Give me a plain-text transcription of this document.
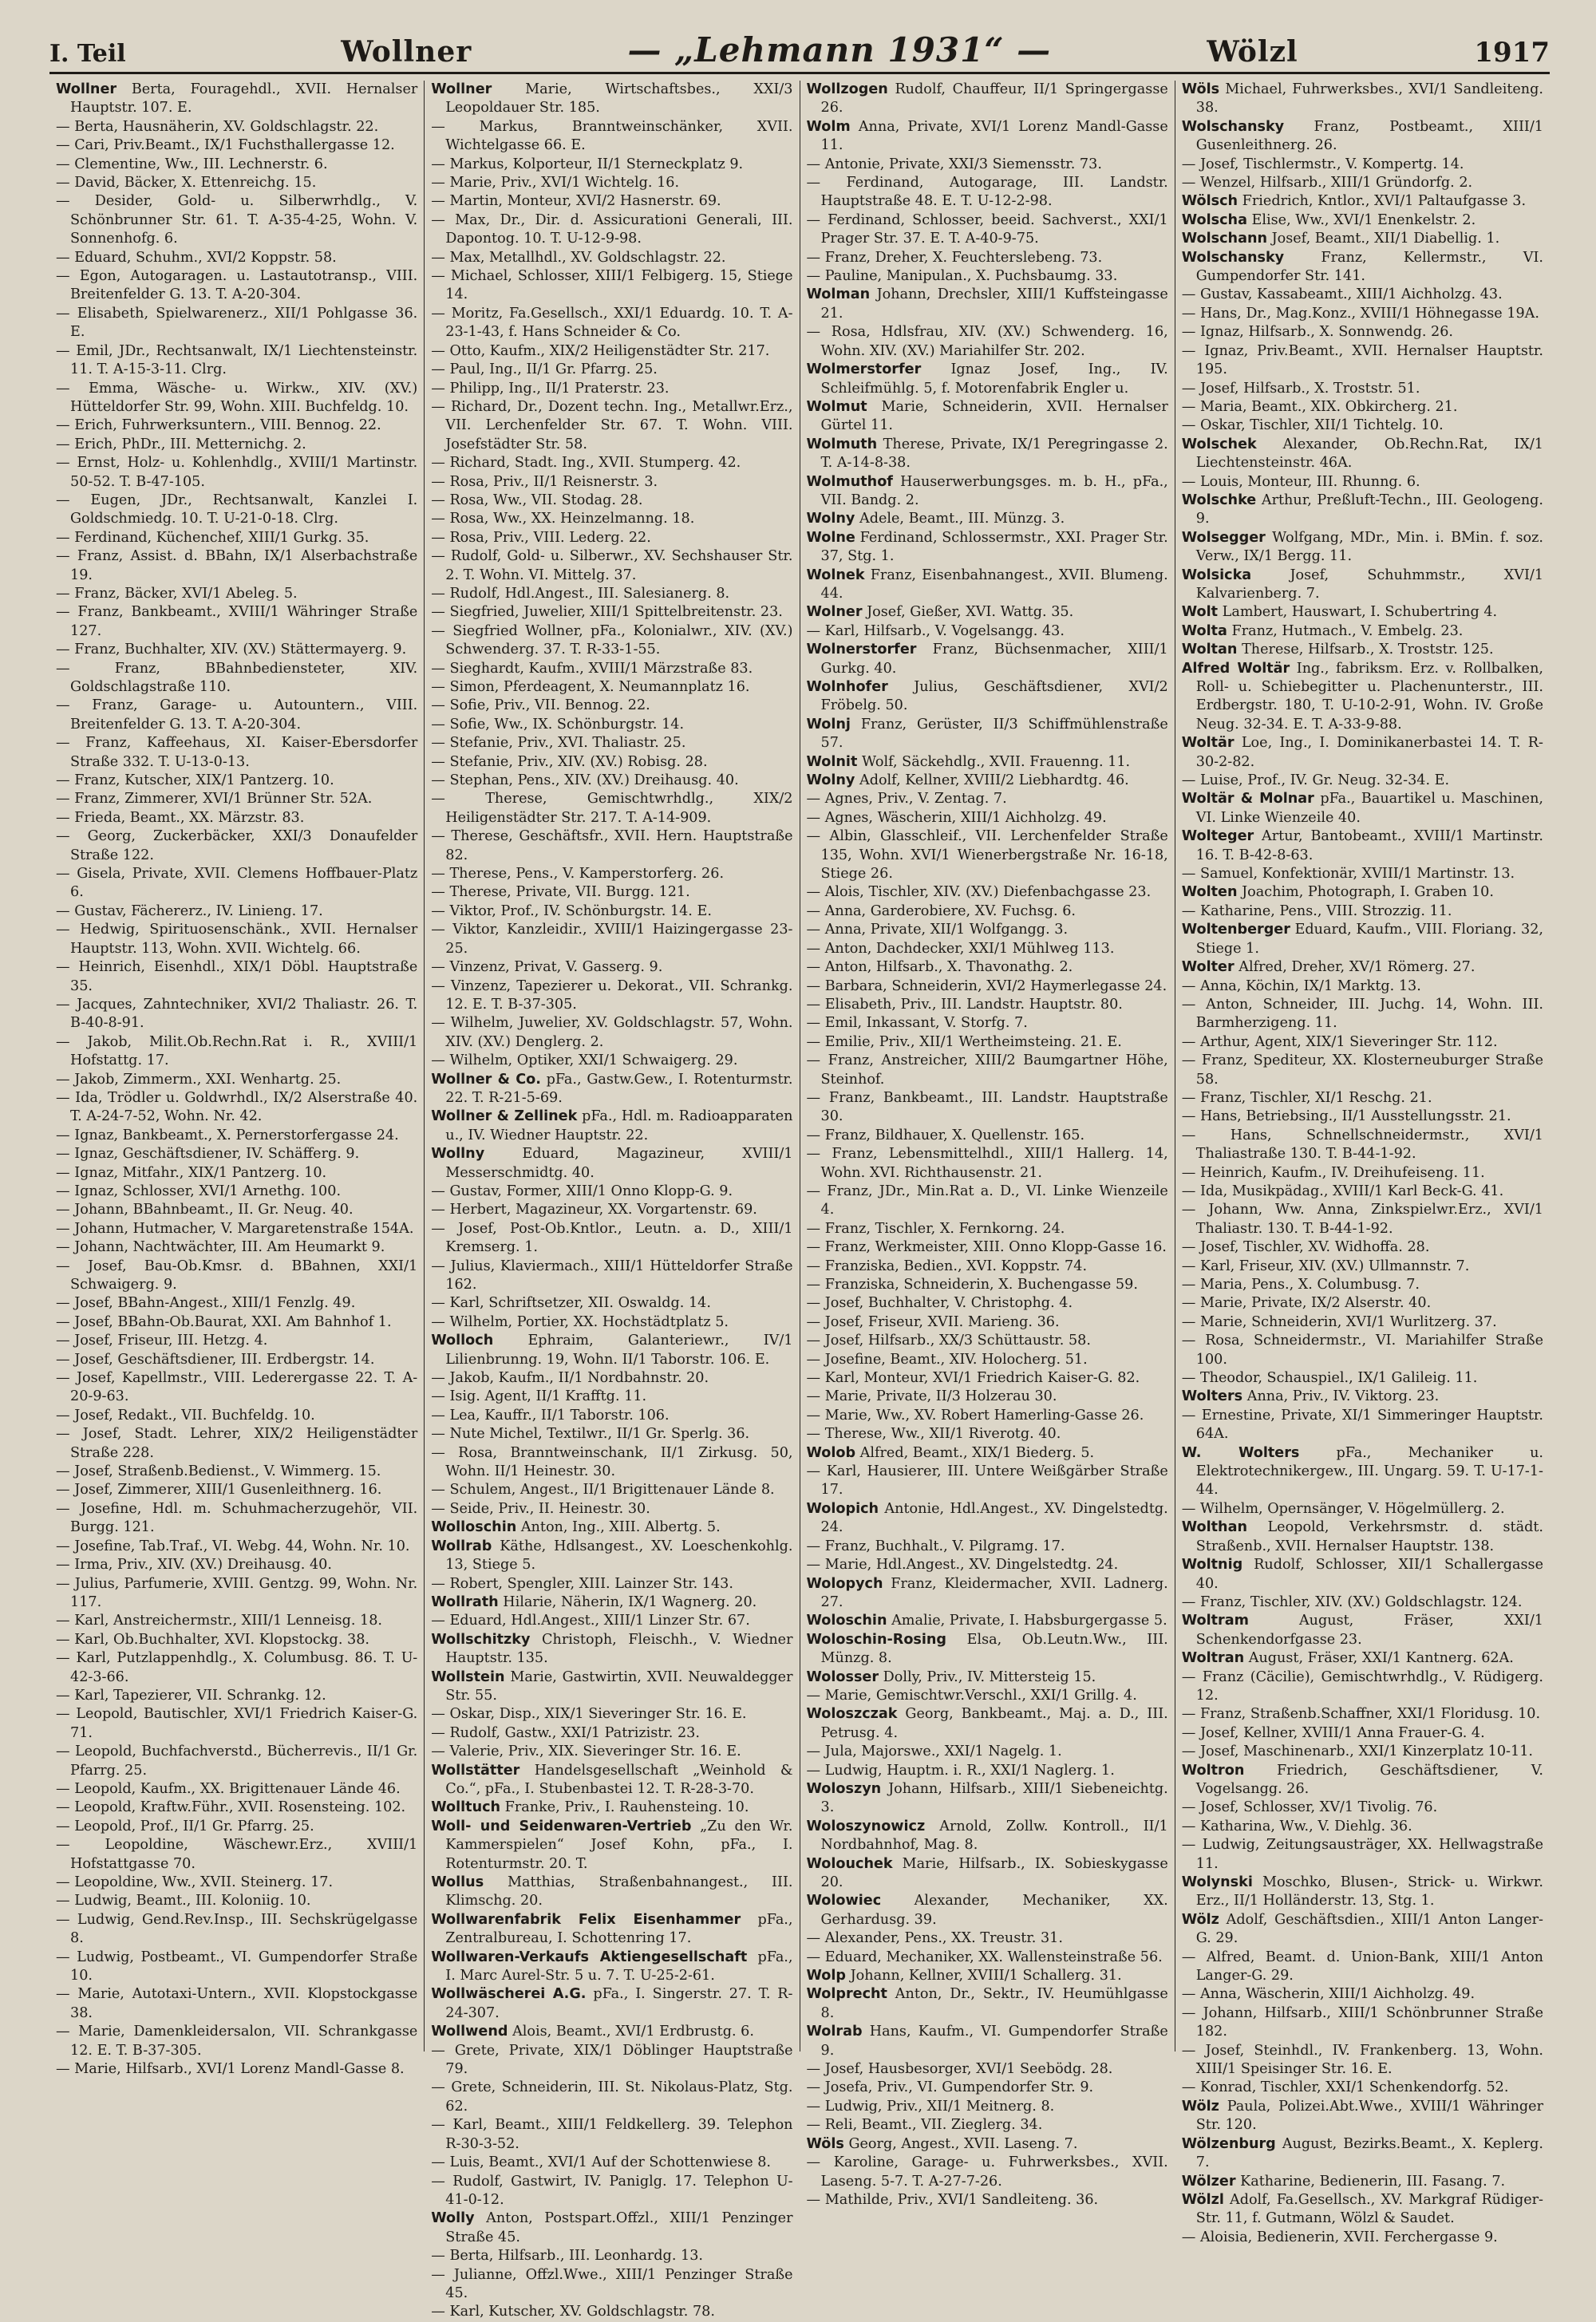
I. Teil	Wollner	— „Lehmann 1931“ —	Wölzl	1917

Wollner Berta, Fouragehdl., XVII. Hernalser Hauptstr. 107. E.

— Berta, Hausnäherin, XV. Goldschlagstr. 22.

— Cari, Priv.Beamt., IX/1 Fuchsthallergasse 12.

— Clementine, Ww., III. Lechnerstr. 6.

— David, Bäcker, X. Ettenreichg. 15.

— Desider, Gold- u. Silberwrhdlg., V. Schönbrunner Str. 61. T. A-35-4-25, Wohn. V. Sonnenhofg. 6.

— Eduard, Schuhm., XVI/2 Koppstr. 58.

— Egon, Autogaragen. u. Lastautotransp., VIII. Breitenfelder G. 13. T. A-20-304.

— Elisabeth, Spielwarenerz., XII/1 Pohlgasse 36. E.

— Emil, JDr., Rechtsanwalt, IX/1 Liechtensteinstr. 11. T. A-15-3-11. Clrg.

— Emma, Wäsche- u. Wirkw., XIV. (XV.) Hütteldorfer Str. 99, Wohn. XIII. Buchfeldg. 10.

— Erich, Fuhrwerksuntern., VIII. Bennog. 22.

— Erich, PhDr., III. Metternichg. 2.

— Ernst, Holz- u. Kohlenhdlg., XVIII/1 Martinstr. 50-52. T. B-47-105.

— Eugen, JDr., Rechtsanwalt, Kanzlei I. Goldschmiedg. 10. T. U-21-0-18. Clrg.

— Ferdinand, Küchenchef, XIII/1 Gurkg. 35.

— Franz, Assist. d. BBahn, IX/1 Alserbachstraße 19.

— Franz, Bäcker, XVI/1 Abeleg. 5.

— Franz, Bankbeamt., XVIII/1 Währinger Straße 127.

— Franz, Buchhalter, XIV. (XV.) Stättermayerg. 9.

— Franz, BBahnbediensteter, XIV. Goldschlagstraße 110.

— Franz, Garage- u. Autountern., VIII. Breitenfelder G. 13. T. A-20-304.

— Franz, Kaffeehaus, XI. Kaiser-Ebersdorfer Straße 332. T. U-13-0-13.

— Franz, Kutscher, XIX/1 Pantzerg. 10.

— Franz, Zimmerer, XVI/1 Brünner Str. 52A.

— Frieda, Beamt., XX. Märzstr. 83.

— Georg, Zuckerbäcker, XXI/3 Donaufelder Straße 122.

— Gisela, Private, XVII. Clemens Hoffbauer-Platz 6.

— Gustav, Fächererz., IV. Linieng. 17.

— Hedwig, Spirituosenschänk., XVII. Hernalser Hauptstr. 113, Wohn. XVII. Wichtelg. 66.

— Heinrich, Eisenhdl., XIX/1 Döbl. Hauptstraße 35.

— Jacques, Zahntechniker, XVI/2 Thaliastr. 26. T. B-40-8-91.

— Jakob, Milit.Ob.Rechn.Rat i. R., XVIII/1 Hofstattg. 17.

— Jakob, Zimmerm., XXI. Wenhartg. 25.

— Ida, Trödler u. Goldwrhdl., IX/2 Alserstraße 40. T. A-24-7-52, Wohn. Nr. 42.

— Ignaz, Bankbeamt., X. Pernerstorfergasse 24.

— Ignaz, Geschäftsdiener, IV. Schäfferg. 9.

— Ignaz, Mitfahr., XIX/1 Pantzerg. 10.

— Ignaz, Schlosser, XVI/1 Arnethg. 100.

— Johann, BBahnbeamt., II. Gr. Neug. 40.

— Johann, Hutmacher, V. Margaretenstraße 154A.

— Johann, Nachtwächter, III. Am Heumarkt 9.

— Josef, Bau-Ob.Kmsr. d. BBahnen, XXI/1 Schwaigerg. 9.

— Josef, BBahn-Angest., XIII/1 Fenzlg. 49.

— Josef, BBahn-Ob.Baurat, XXI. Am Bahnhof 1.

— Josef, Friseur, III. Hetzg. 4.

— Josef, Geschäftsdiener, III. Erdbergstr. 14.

— Josef, Kapellmstr., VIII. Lederergasse 22. T. A-20-9-63.

— Josef, Redakt., VII. Buchfeldg. 10.

— Josef, Stadt. Lehrer, XIX/2 Heiligenstädter Straße 228.

— Josef, Straßenb.Bedienst., V. Wimmerg. 15.

— Josef, Zimmerer, XIII/1 Gusenleithnerg. 16.

— Josefine, Hdl. m. Schuhmacherzugehör, VII. Burgg. 121.

— Josefine, Tab.Traf., VI. Webg. 44, Wohn. Nr. 10.

— Irma, Priv., XIV. (XV.) Dreihausg. 40.

— Julius, Parfumerie, XVIII. Gentzg. 99, Wohn. Nr. 117.

— Karl, Anstreichermstr., XIII/1 Lenneisg. 18.

— Karl, Ob.Buchhalter, XVI. Klopstockg. 38.

— Karl, Putzlappenhdlg., X. Columbusg. 86. T. U-42-3-66.

— Karl, Tapezierer, VII. Schrankg. 12.

— Leopold, Bautischler, XVI/1 Friedrich Kaiser-G. 71.

— Leopold, Buchfachverstd., Bücherrevis., II/1 Gr. Pfarrg. 25.

— Leopold, Kaufm., XX. Brigittenauer Lände 46.

— Leopold, Kraftw.Führ., XVII. Rosensteing. 102.

— Leopold, Prof., II/1 Gr. Pfarrg. 25.

— Leopoldine, Wäschewr.Erz., XVIII/1 Hofstattgasse 70.

— Leopoldine, Ww., XVII. Steinerg. 17.

— Ludwig, Beamt., III. Koloniig. 10.

— Ludwig, Gend.Rev.Insp., III. Sechskrügelgasse 8.

— Ludwig, Postbeamt., VI. Gumpendorfer Straße 10.

— Marie, Autotaxi-Untern., XVII. Klopstockgasse 38.

— Marie, Damenkleidersalon, VII. Schrankgasse 12. E. T. B-37-305.

— Marie, Hilfsarb., XVI/1 Lorenz Mandl-Gasse 8.

Wollner Marie, Wirtschaftsbes., XXI/3 Leopoldauer Str. 185.

— Markus, Branntweinschänker, XVII. Wichtelgasse 66. E.

— Markus, Kolporteur, II/1 Sterneckplatz 9.

— Marie, Priv., XVI/1 Wichtelg. 16.

— Martin, Monteur, XVI/2 Hasnerstr. 69.

— Max, Dr., Dir. d. Assicurationi Generali, III. Dapontog. 10. T. U-12-9-98.

— Max, Metallhdl., XV. Goldschlagstr. 22.

— Michael, Schlosser, XIII/1 Felbigerg. 15, Stiege 14.

— Moritz, Fa.Gesellsch., XXI/1 Eduardg. 10. T. A-23-1-43, f. Hans Schneider & Co.

— Otto, Kaufm., XIX/2 Heiligenstädter Str. 217.

— Paul, Ing., II/1 Gr. Pfarrg. 25.

— Philipp, Ing., II/1 Praterstr. 23.

— Richard, Dr., Dozent techn. Ing., Metallwr.Erz., VII. Lerchenfelder Str. 67. T. Wohn. VIII. Josefstädter Str. 58.

— Richard, Stadt. Ing., XVII. Stumperg. 42.

— Rosa, Priv., II/1 Reisnerstr. 3.

— Rosa, Ww., VII. Stodag. 28.

— Rosa, Ww., XX. Heinzelmanng. 18.

— Rosa, Priv., VIII. Lederg. 22.

— Rudolf, Gold- u. Silberwr., XV. Sechshauser Str. 2. T. Wohn. VI. Mittelg. 37.

— Rudolf, Hdl.Angest., III. Salesianerg. 8.

— Siegfried, Juwelier, XIII/1 Spittelbreitenstr. 23.

— Siegfried Wollner, pFa., Kolonialwr., XIV. (XV.) Schwenderg. 37. T. R-33-1-55.

— Sieghardt, Kaufm., XVIII/1 Märzstraße 83.

— Simon, Pferdeagent, X. Neumannplatz 16.

— Sofie, Priv., VII. Bennog. 22.

— Sofie, Ww., IX. Schönburgstr. 14.

— Stefanie, Priv., XVI. Thaliastr. 25.

— Stefanie, Priv., XIV. (XV.) Robisg. 28.

— Stephan, Pens., XIV. (XV.) Dreihausg. 40.

— Therese, Gemischtwrhdlg., XIX/2 Heiligenstädter Str. 217. T. A-14-909.

— Therese, Geschäftsfr., XVII. Hern. Hauptstraße 82.

— Therese, Pens., V. Kamperstorferg. 26.

— Therese, Private, VII. Burgg. 121.

— Viktor, Prof., IV. Schönburgstr. 14. E.

— Viktor, Kanzleidir., XVIII/1 Haizingergasse 23-25.

— Vinzenz, Privat, V. Gasserg. 9.

— Vinzenz, Tapezierer u. Dekorat., VII. Schrankg. 12. E. T. B-37-305.

— Wilhelm, Juwelier, XV. Goldschlagstr. 57, Wohn. XIV. (XV.) Denglerg. 2.

— Wilhelm, Optiker, XXI/1 Schwaigerg. 29.

Wollner & Co. pFa., Gastw.Gew., I. Rotenturmstr. 22. T. R-21-5-69.

Wollner & Zellinek pFa., Hdl. m. Radioapparaten u., IV. Wiedner Hauptstr. 22.

Wollny	Eduard, Magazineur, XVIII/1 Messerschmidtg. 40.

— Gustav, Former, XIII/1 Onno Klopp-G. 9.

— Herbert, Magazineur, XX. Vorgartenstr. 69.

— Josef, Post-Ob.Kntlor., Leutn. a. D., XIII/1 Kremserg. 1.

— Julius, Klaviermach., XIII/1 Hütteldorfer Straße 162.

— Karl, Schriftsetzer, XII. Oswaldg. 14.

— Wilhelm, Portier, XX. Hochstädtplatz 5.

Wolloch Ephraim, Galanteriewr., IV/1 Lilienbrunng. 19, Wohn. II/1 Taborstr. 106. E.

— Jakob, Kaufm., II/1 Nordbahnstr. 20.

— Isig. Agent, II/1 Krafftg. 11.

— Lea, Kauffr., II/1 Taborstr. 106.

— Nute Michel, Textilwr., II/1 Gr. Sperlg. 36.

— Rosa, Branntweinschank, II/1 Zirkusg. 50, Wohn. II/1 Heinestr. 30.

— Schulem, Angest., II/1 Brigittenauer Lände 8.

— Seide, Priv., II. Heinestr. 30.

Wolloschin Anton, Ing., XIII. Albertg. 5.

Wollrab Käthe, Hdlsangest., XV. Loeschenkohlg. 13, Stiege 5.

— Robert, Spengler, XIII. Lainzer Str. 143.

Wollrath Hilarie, Näherin, IX/1 Wagnerg. 20.

— Eduard, Hdl.Angest., XIII/1 Linzer Str. 67.

Wollschitzky Christoph, Fleischh., V. Wiedner Hauptstr. 135.

Wollstein Marie, Gastwirtin, XVII. Neuwaldegger Str. 55.

— Oskar, Disp., XIX/1 Sieveringer Str. 16. E.

— Rudolf, Gastw., XXI/1 Patrizistr. 23.

— Valerie, Priv., XIX. Sieveringer Str. 16. E.

Wollstätter Handelsgesellschaft „Weinhold & Co.“, pFa., I. Stubenbastei 12. T. R-28-3-70.

Wolltuch Franke, Priv., I. Rauhensteing. 10.

Woll- und Seidenwaren-Vertrieb „Zu den Wr. Kammerspielen“ Josef Kohn, pFa., I. Rotenturmstr. 20. T.

Wollus Matthias, Straßenbahnangest., III. Klimschg. 20.

Wollwarenfabrik Felix Eisenhammer pFa., Zentralbureau, I. Schottenring 17.

Wollwaren-Verkaufs Aktiengesellschaft pFa., I. Marc Aurel-Str. 5 u. 7. T. U-25-2-61.

Wollwäscherei A.G. pFa., I. Singerstr. 27. T. R-24-307.

Wollwend Alois, Beamt., XVI/1 Erdbrustg. 6.

— Grete, Private, XIX/1 Döblinger Hauptstraße 79.

— Grete, Schneiderin, III. St. Nikolaus-Platz, Stg. 62.

— Karl, Beamt., XIII/1 Feldkellerg. 39. Telephon R-30-3-52.

— Luis, Beamt., XVI/1 Auf der Schottenwiese 8.

— Rudolf, Gastwirt, IV. Paniglg. 17. Telephon U-41-0-12.

Wolly Anton, Postspart.Offzl., XIII/1 Penzinger Straße 45.

— Berta, Hilfsarb., III. Leonhardg. 13.

— Julianne, Offzl.Wwe., XIII/1 Penzinger Straße 45.

— Karl, Kutscher, XV. Goldschlagstr. 78.

Wollzogen Rudolf, Chauffeur, II/1 Springergasse 26.

Wolm Anna, Private, XVI/1 Lorenz Mandl-Gasse 11.

— Antonie, Private, XXI/3 Siemensstr. 73.

— Ferdinand, Autogarage, III. Landstr. Hauptstraße 48. E. T. U-12-2-98.

— Ferdinand, Schlosser, beeid. Sachverst., XXI/1 Prager Str. 37. E. T. A-40-9-75.

— Franz, Dreher, X. Feuchterslebeng. 73.

— Pauline, Manipulan., X. Puchsbaumg. 33.

Wolman Johann, Drechsler, XIII/1 Kuffsteingasse 21.

— Rosa, Hdlsfrau, XIV. (XV.) Schwenderg. 16, Wohn. XIV. (XV.) Mariahilfer Str. 202.

Wolmerstorfer Ignaz Josef, Ing., IV. Schleifmühlg. 5, f. Motorenfabrik Engler u.

Wolmut Marie, Schneiderin, XVII. Hernalser Gürtel 11.

Wolmuth Therese, Private, IX/1 Peregringasse 2. T. A-14-8-38.

Wolmuthof Hauserwerbungsges. m. b. H., pFa., VII. Bandg. 2.

Wolny Adele, Beamt., III. Münzg. 3.

Wolne Ferdinand, Schlossermstr., XXI. Prager Str. 37, Stg. 1.

Wolnek Franz, Eisenbahnangest., XVII. Blumeng. 44.

Wolner Josef, Gießer, XVI. Wattg. 35.

— Karl, Hilfsarb., V. Vogelsangg. 43.

Wolnerstorfer Franz, Büchsenmacher, XIII/1 Gurkg. 40.

Wolnhofer Julius, Geschäftsdiener, XVI/2 Fröbelg. 50.

Wolnj Franz, Gerüster, II/3 Schiffmühlenstraße 57.

Wolnit Wolf, Säckehdlg., XVII. Frauenng. 11.

Wolny Adolf, Kellner, XVIII/2 Liebhardtg. 46.

— Agnes, Priv., V. Zentag. 7.

— Agnes, Wäscherin, XIII/1 Aichholzg. 49.

— Albin, Glasschleif., VII. Lerchenfelder Straße 135, Wohn. XVI/1 Wienerbergstraße Nr. 16-18, Stiege 26.

— Alois, Tischler, XIV. (XV.) Diefenbachgasse 23.

— Anna, Garderobiere, XV. Fuchsg. 6.

— Anna, Private, XII/1 Wolfgangg. 3.

— Anton, Dachdecker, XXI/1 Mühlweg 113.

— Anton, Hilfsarb., X. Thavonathg. 2.

— Barbara, Schneiderin, XVI/2 Haymerlegasse 24.

— Elisabeth, Priv., III. Landstr. Hauptstr. 80.

— Emil, Inkassant, V. Storfg. 7.

— Emilie, Priv., XII/1 Wertheimsteing. 21. E.

— Franz, Anstreicher, XIII/2 Baumgartner Höhe, Steinhof.

— Franz, Bankbeamt., III. Landstr. Hauptstraße 30.

— Franz, Bildhauer, X. Quellenstr. 165.

— Franz, Lebensmittelhdl., XIII/1 Hallerg. 14, Wohn. XVI. Richthausenstr. 21.

— Franz, JDr., Min.Rat a. D., VI. Linke Wienzeile 4.

— Franz, Tischler, X. Fernkorng. 24.

— Franz, Werkmeister, XIII. Onno Klopp-Gasse 16.

— Franziska, Bedien., XVI. Koppstr. 74.

— Franziska, Schneiderin, X. Buchengasse 59.

— Josef, Buchhalter, V. Christophg. 4.

— Josef, Friseur, XVII. Marieng. 36.

— Josef, Hilfsarb., XX/3 Schüttaustr. 58.

— Josefine, Beamt., XIV. Holocherg. 51.

— Karl, Monteur, XVI/1 Friedrich Kaiser-G. 82.

— Marie, Private, II/3 Holzerau 30.

— Marie, Ww., XV. Robert Hamerling-Gasse 26.

— Therese, Ww., XII/1 Riverotg. 40.

Wolob Alfred, Beamt., XIX/1 Biederg. 5.

— Karl, Hausierer, III. Untere Weißgärber Straße 17.

Wolopich Antonie, Hdl.Angest., XV. Dingelstedtg. 24.

— Franz, Buchhalt., V. Pilgramg. 17.

— Marie, Hdl.Angest., XV. Dingelstedtg. 24.

Wolopych Franz, Kleidermacher, XVII. Ladnerg. 27.

Woloschin Amalie, Private, I. Habsburgergasse 5.

Woloschin-Rosing Elsa, Ob.Leutn.Ww., III. Münzg. 8.

Wolosser Dolly, Priv., IV. Mittersteig 15.

— Marie, Gemischtwr.Verschl., XXI/1 Grillg. 4.

Woloszczak Georg, Bankbeamt., Maj. a. D., III. Petrusg. 4.

— Jula, Majorswe., XXI/1 Nagelg. 1.

— Ludwig, Hauptm. i. R., XXI/1 Naglerg. 1.

Woloszyn Johann, Hilfsarb., XIII/1 Siebeneichtg. 3.

Woloszynowicz Arnold, Zollw. Kontroll., II/1 Nordbahnhof, Mag. 8.

Wolouchek Marie, Hilfsarb., IX. Sobieskygasse 20.

Wolowiec Alexander, Mechaniker, XX. Gerhardusg. 39.

— Alexander, Pens., XX. Treustr. 31.

— Eduard, Mechaniker, XX. Wallensteinstraße 56.

Wolp Johann, Kellner, XVIII/1 Schallerg. 31.

Wolprecht Anton, Dr., Sektr., IV. Heumühlgasse 8.

Wolrab Hans, Kaufm., VI. Gumpendorfer Straße 9.

— Josef, Hausbesorger, XVI/1 Seebödg. 28.

— Josefa, Priv., VI. Gumpendorfer Str. 9.

— Ludwig, Priv., XII/1 Meitnerg. 8.

— Reli, Beamt., VII. Zieglerg. 34.

Wöls Georg, Angest., XVII. Laseng. 7.

— Karoline, Garage- u. Fuhrwerksbes., XVII. Laseng. 5-7. T. A-27-7-26.

— Mathilde, Priv., XVI/1 Sandleiteng. 36.

Wöls Michael, Fuhrwerksbes., XVI/1 Sandleiteng. 38.

Wolschansky Franz, Postbeamt., XIII/1 Gusenleithnerg. 26.

— Josef, Tischlermstr., V. Kompertg. 14.

— Wenzel, Hilfsarb., XIII/1 Gründorfg. 2.

Wölsch Friedrich, Kntlor., XVI/1 Paltaufgasse 3.

Wolscha Elise, Ww., XVI/1 Enenkelstr. 2.

Wolschann Josef, Beamt., XII/1 Diabellig. 1.

Wolschansky	Franz, Kellermstr., VI. Gumpendorfer Str. 141.

— Gustav, Kassabeamt., XIII/1 Aichholzg. 43.

— Hans, Dr., Mag.Konz., XVIII/1 Höhnegasse 19A.

— Ignaz, Hilfsarb., X. Sonnwendg. 26.

— Ignaz, Priv.Beamt., XVII. Hernalser Hauptstr. 195.

— Josef, Hilfsarb., X. Troststr. 51.

— Maria, Beamt., XIX. Obkircherg. 21.

— Oskar, Tischler, XII/1 Tichtelg. 10.

Wolschek Alexander, Ob.Rechn.Rat, IX/1 Liechtensteinstr. 46A.

— Louis, Monteur, III. Rhunng. 6.

Wolschke Arthur, Preßluft-Techn., III. Geologeng. 9.

Wolsegger Wolfgang, MDr., Min. i. BMin. f. soz. Verw., IX/1 Bergg. 11.

Wolsicka	Josef, Schuhmmstr., XVI/1 Kalvarienberg. 7.

Wolt Lambert, Hauswart, I. Schubertring 4.

Wolta Franz, Hutmach., V. Embelg. 23.

Woltan Therese, Hilfsarb., X. Troststr. 125.

Alfred Woltär Ing., fabriksm. Erz. v. Rollbalken, Roll- u. Schiebegitter u. Plachenunterstr., III. Erdbergstr. 180, T. U-10-2-91, Wohn. IV. Große Neug. 32-34. E. T. A-33-9-88.

Woltär Loe, Ing., I. Dominikanerbastei 14. T. R-30-2-82.

— Luise, Prof., IV. Gr. Neug. 32-34. E.

Woltär & Molnar pFa., Bauartikel u. Maschinen, VI. Linke Wienzeile 40.

Wolteger Artur, Bantobeamt., XVIII/1 Martinstr. 16. T. B-42-8-63.

— Samuel, Konfektionär, XVIII/1 Martinstr. 13.

Wolten Joachim, Photograph, I. Graben 10.

— Katharine, Pens., VIII. Strozzig. 11.

Woltenberger Eduard, Kaufm., VIII. Floriang. 32, Stiege 1.

Wolter Alfred, Dreher, XV/1 Römerg. 27.

— Anna, Köchin, IX/1 Marktg. 13.

— Anton, Schneider, III. Juchg. 14, Wohn. III. Barmherzigeng. 11.

— Arthur, Agent, XIX/1 Sieveringer Str. 112.

— Franz, Spediteur, XX. Klosterneuburger Straße 58.

— Franz, Tischler, XI/1 Reschg. 21.

— Hans, Betriebsing., II/1 Ausstellungsstr. 21.

— Hans, Schnellschneidermstr., XVI/1 Thaliastraße 130. T. B-44-1-92.

— Heinrich, Kaufm., IV. Dreihufeiseng. 11.

— Ida, Musikpädag., XVIII/1 Karl Beck-G. 41.

— Johann, Ww. Anna, Zinkspielwr.Erz., XVI/1 Thaliastr. 130. T. B-44-1-92.

— Josef, Tischler, XV. Widhoffa. 28.

— Karl, Friseur, XIV. (XV.) Ullmannstr. 7.

— Maria, Pens., X. Columbusg. 7.

— Marie, Private, IX/2 Alserstr. 40.

— Marie, Schneiderin, XVI/1 Wurlitzerg. 37.

— Rosa, Schneidermstr., VI. Mariahilfer Straße 100.

— Theodor, Schauspiel., IX/1 Galileig. 11.

Wolters Anna, Priv., IV. Viktorg. 23.

— Ernestine, Private, XI/1 Simmeringer Hauptstr. 64A.

W. Wolters	pFa., Mechaniker u. Elektrotechnikergew., III. Ungarg. 59. T. U-17-1-44.

— Wilhelm, Opernsänger, V. Högelmüllerg. 2.

Wolthan Leopold, Verkehrsmstr. d. städt. Straßenb., XVII. Hernalser Hauptstr. 138.

Woltnig Rudolf, Schlosser, XII/1 Schallergasse 40.

— Franz, Tischler, XIV. (XV.) Goldschlagstr. 124.

Woltram	August, Fräser, XXI/1 Schenkendorfgasse 23.

Woltran August, Fräser, XXI/1 Kantnerg. 62A.

— Franz (Cäcilie), Gemischtwrhdlg., V. Rüdigerg. 12.

— Franz, Straßenb.Schaffner, XXI/1 Floridusg. 10.

— Josef, Kellner, XVIII/1 Anna Frauer-G. 4.

— Josef, Maschinenarb., XXI/1 Kinzerplatz 10-11.

Woltron Friedrich, Geschäftsdiener, V. Vogelsangg. 26.

— Josef, Schlosser, XV/1 Tivolig. 76.

— Katharina, Ww., V. Diehlg. 36.

— Ludwig, Zeitungsausträger, XX. Hellwagstraße 11.

Wolynski Moschko, Blusen-, Strick- u. Wirkwr. Erz., II/1 Holländerstr. 13, Stg. 1.

Wölz Adolf, Geschäftsdien., XIII/1 Anton Langer-G. 29.

— Alfred, Beamt. d. Union-Bank, XIII/1 Anton Langer-G. 29.

— Anna, Wäscherin, XIII/1 Aichholzg. 49.

— Johann, Hilfsarb., XIII/1 Schönbrunner Straße 182.

— Josef, Steinhdl., IV. Frankenberg. 13, Wohn. XIII/1 Speisinger Str. 16. E.

— Konrad, Tischler, XXI/1 Schenkendorfg. 52.

Wölz Paula, Polizei.Abt.Wwe., XVIII/1 Währinger Str. 120.

Wölzenburg August, Bezirks.Beamt., X. Keplerg. 7.

Wölzer Katharine, Bedienerin, III. Fasang. 7.

Wölzl Adolf, Fa.Gesellsch., XV. Markgraf Rüdiger-Str. 11, f. Gutmann, Wölzl & Saudet.

— Aloisia, Bedienerin, XVII. Ferchergasse 9.
